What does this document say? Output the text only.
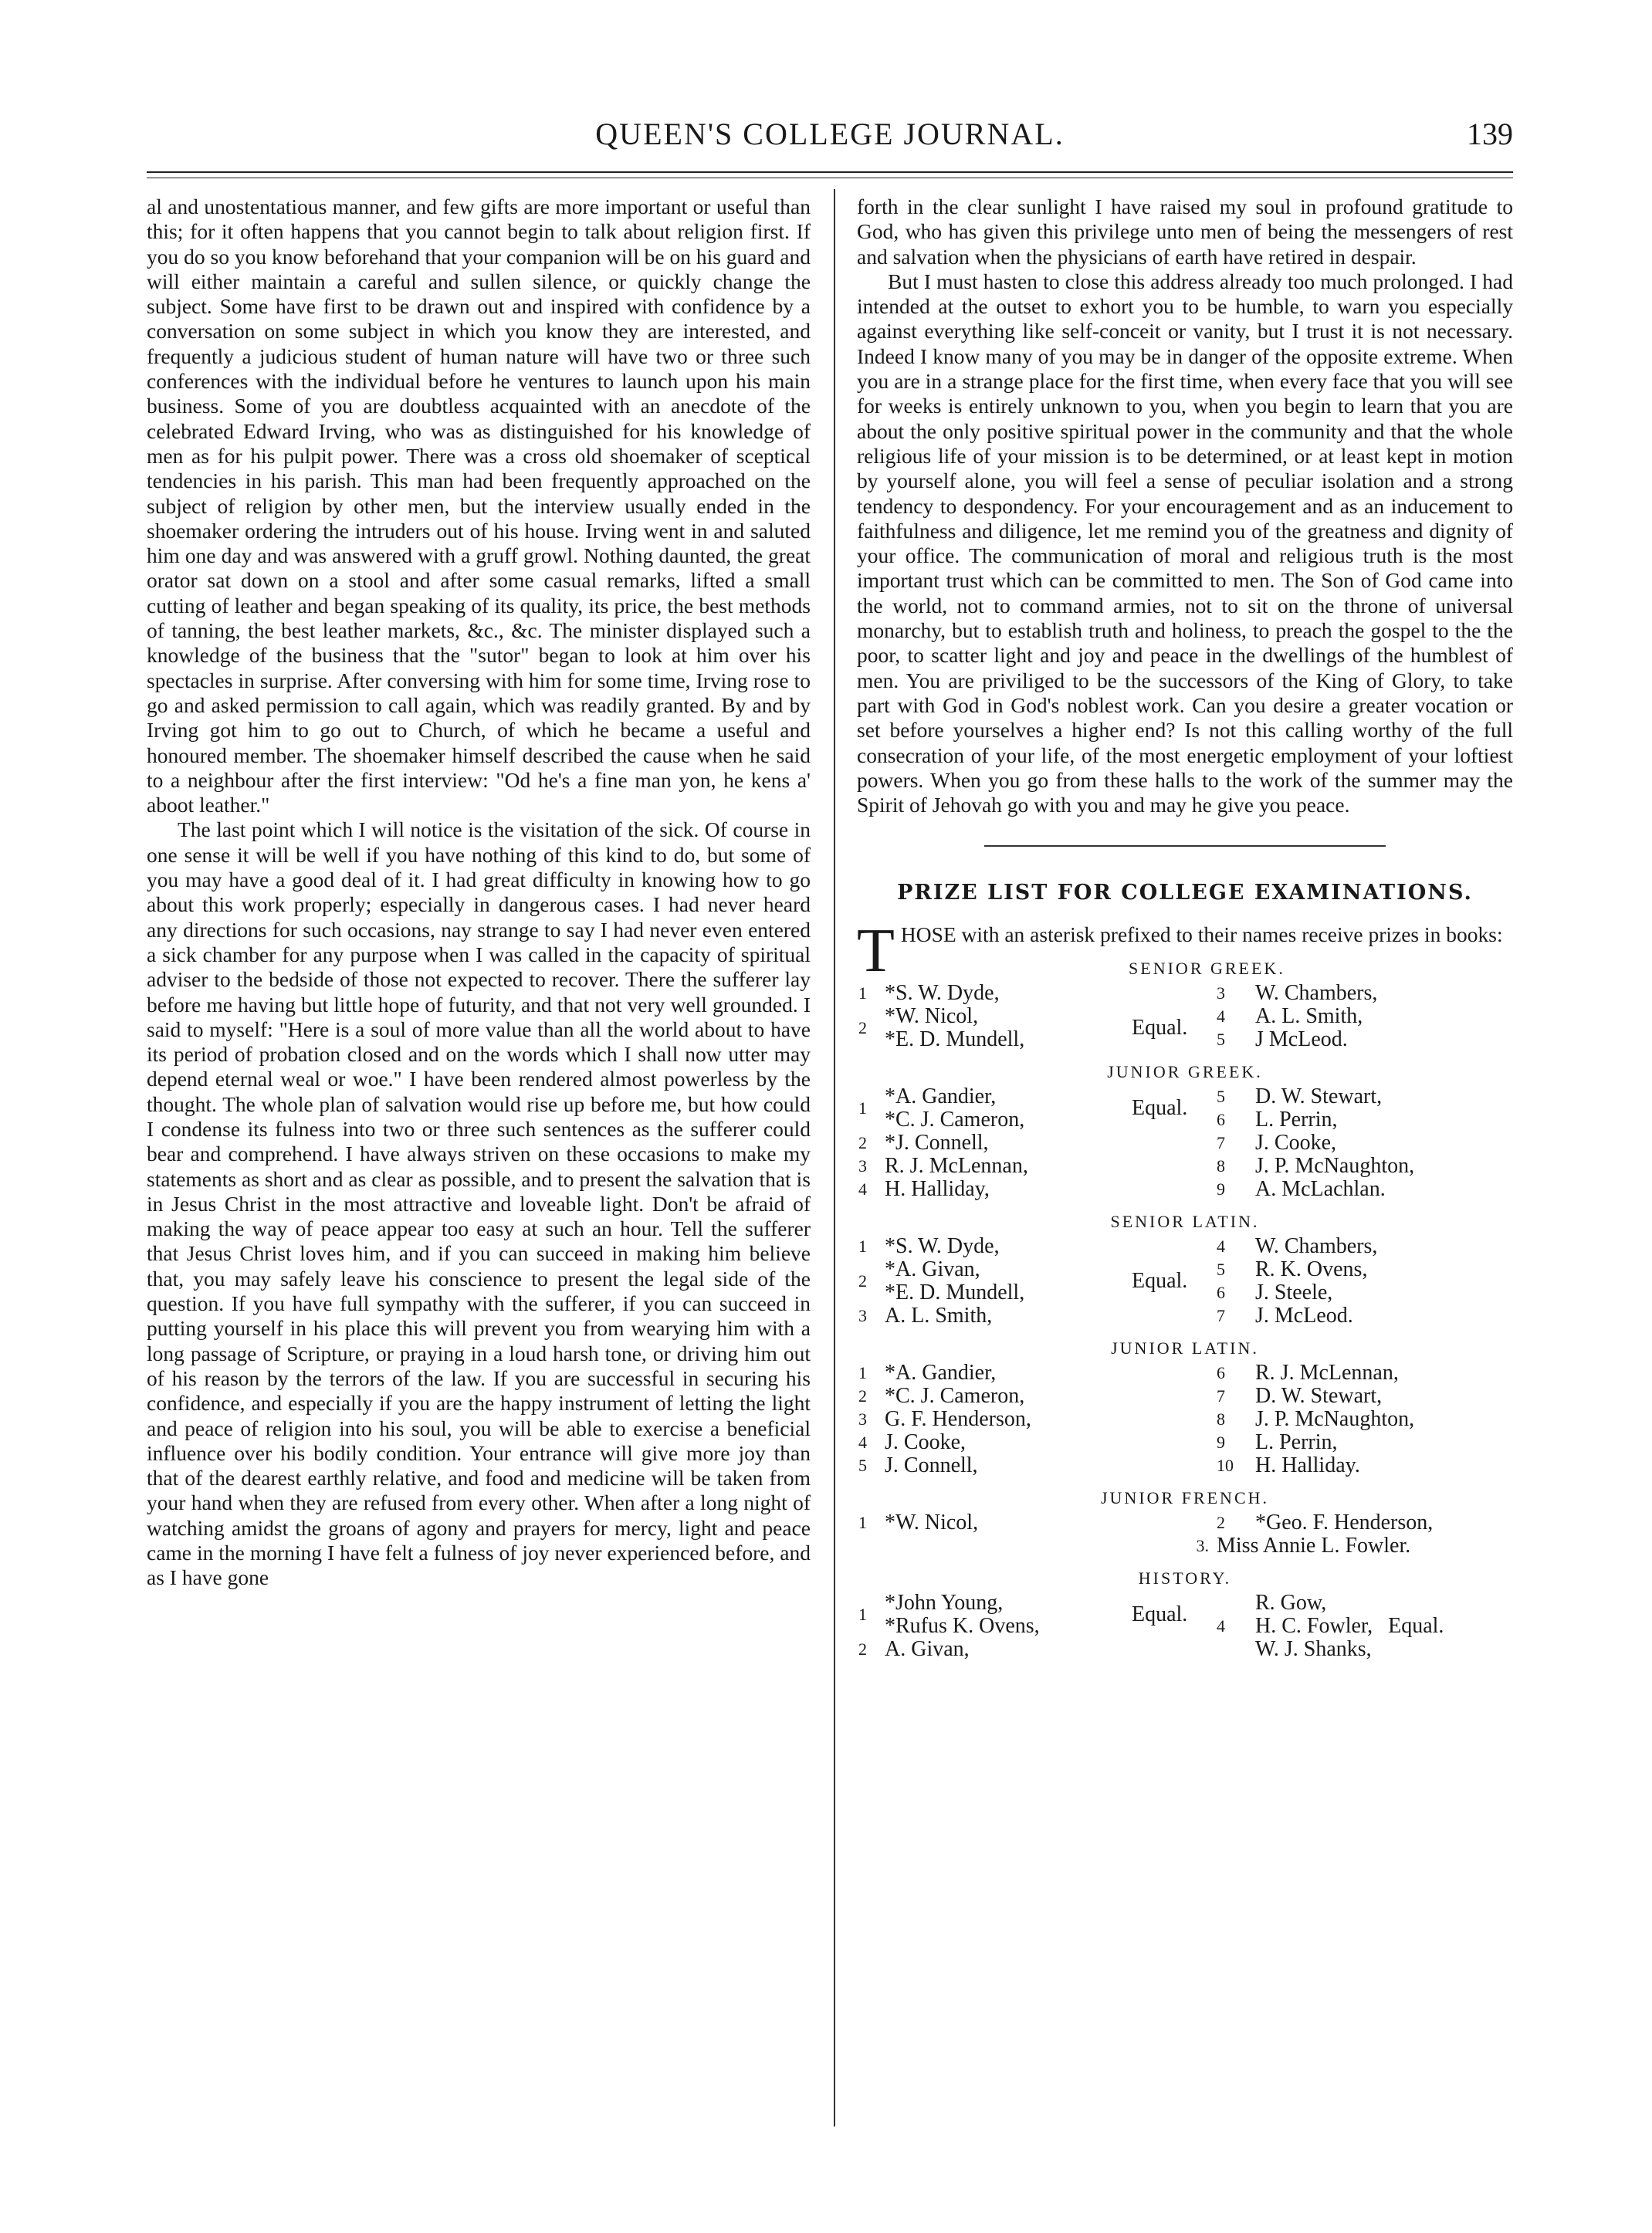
QUEEN'S COLLEGE JOURNAL.	139

al and unostentatious manner, and few gifts are more important or useful than this; for it often happens that you cannot begin to talk about religion first. If you do so you know beforehand that your companion will be on his guard and will either maintain a careful and sullen silence, or quickly change the subject. Some have first to be drawn out and inspired with confidence by a conversation on some subject in which you know they are interested, and frequently a judicious student of human nature will have two or three such conferences with the individual before he ventures to launch upon his main business. Some of you are doubtless acquainted with an anecdote of the celebrated Edward Irving, who was as distinguished for his knowledge of men as for his pulpit power. There was a cross old shoemaker of sceptical tendencies in his parish. This man had been frequently approached on the subject of religion by other men, but the interview usually ended in the shoemaker ordering the intruders out of his house. Irving went in and saluted him one day and was answered with a gruff growl. Nothing daunted, the great orator sat down on a stool and after some casual remarks, lifted a small cutting of leather and began speaking of its quality, its price, the best methods of tanning, the best leather markets, &c., &c. The minister displayed such a knowledge of the business that the "sutor" began to look at him over his spectacles in surprise. After conversing with him for some time, Irving rose to go and asked permission to call again, which was readily granted. By and by Irving got him to go out to Church, of which he became a useful and honoured member. The shoemaker himself described the cause when he said to a neighbour after the first interview: "Od he's a fine man yon, he kens a' aboot leather."

The last point which I will notice is the visitation of the sick. Of course in one sense it will be well if you have nothing of this kind to do, but some of you may have a good deal of it. I had great difficulty in knowing how to go about this work properly; especially in dangerous cases. I had never heard any directions for such occasions, nay strange to say I had never even entered a sick chamber for any purpose when I was called in the capacity of spiritual adviser to the bedside of those not expected to recover. There the sufferer lay before me having but little hope of futurity, and that not very well grounded. I said to myself: "Here is a soul of more value than all the world about to have its period of probation closed and on the words which I shall now utter may depend eternal weal or woe." I have been rendered almost powerless by the thought. The whole plan of salvation would rise up before me, but how could I condense its fulness into two or three such sentences as the sufferer could bear and comprehend. I have always striven on these occasions to make my statements as short and as clear as possible, and to present the salvation that is in Jesus Christ in the most attractive and loveable light. Don't be afraid of making the way of peace appear too easy at such an hour. Tell the sufferer that Jesus Christ loves him, and if you can succeed in making him believe that, you may safely leave his conscience to present the legal side of the question. If you have full sympathy with the sufferer, if you can succeed in putting yourself in his place this will prevent you from wearying him with a long passage of Scripture, or praying in a loud harsh tone, or driving him out of his reason by the terrors of the law. If you are successful in securing his confidence, and especially if you are the happy instrument of letting the light and peace of religion into his soul, you will be able to exercise a beneficial influence over his bodily condition. Your entrance will give more joy than that of the dearest earthly relative, and food and medicine will be taken from your hand when they are refused from every other. When after a long night of watching amidst the groans of agony and prayers for mercy, light and peace came in the morning I have felt a fulness of joy never experienced before, and as I have gone

forth in the clear sunlight I have raised my soul in profound gratitude to God, who has given this privilege unto men of being the messengers of rest and salvation when the physicians of earth have retired in despair.

But I must hasten to close this address already too much prolonged. I had intended at the outset to exhort you to be humble, to warn you especially against everything like self-conceit or vanity, but I trust it is not necessary. Indeed I know many of you may be in danger of the opposite extreme. When you are in a strange place for the first time, when every face that you will see for weeks is entirely unknown to you, when you begin to learn that you are about the only positive spiritual power in the community and that the whole religious life of your mission is to be determined, or at least kept in motion by yourself alone, you will feel a sense of peculiar isolation and a strong tendency to despondency. For your encouragement and as an inducement to faithfulness and diligence, let me remind you of the greatness and dignity of your office. The communication of moral and religious truth is the most important trust which can be committed to men. The Son of God came into the world, not to command armies, not to sit on the throne of universal monarchy, but to establish truth and holiness, to preach the gospel to the the poor, to scatter light and joy and peace in the dwellings of the humblest of men. You are priviliged to be the successors of the King of Glory, to take part with God in God's noblest work. Can you desire a greater vocation or set before yourselves a higher end? Is not this calling worthy of the full consecration of your life, of the most energetic employment of your loftiest powers. When you go from these halls to the work of the summer may the Spirit of Jehovah go with you and may he give you peace.

PRIZE LIST FOR COLLEGE EXAMINATIONS.
THOSE with an asterisk prefixed to their names receive prizes in books:
SENIOR GREEK.
1	*S. W. Dyde,		3	W. Chambers,
2	*W. Nicol,	Equal.	4	A. L. Smith,
	*E. D. Mundell,		5	J McLeod.
JUNIOR GREEK.
1	*A. Gandier,	Equal.	5	D. W. Stewart,
	*C. J. Cameron,		6	L. Perrin,
2	*J. Connell,		7	J. Cooke,
3	R. J. McLennan,		8	J. P. McNaughton,
4	H. Halliday,		9	A. McLachlan.
SENIOR LATIN.
1	*S. W. Dyde,		4	W. Chambers,
2	*A. Givan,	Equal.	5	R. K. Ovens,
	*E. D. Mundell,		6	J. Steele,
3	A. L. Smith,		7	J. McLeod.
JUNIOR LATIN.
1	*A. Gandier,		6	R. J. McLennan,
2	*C. J. Cameron,		7	D. W. Stewart,
3	G. F. Henderson,		8	J. P. McNaughton,
4	J. Cooke,		9	L. Perrin,
5	J. Connell,		10	H. Halliday.
JUNIOR FRENCH.
1	*W. Nicol,		2	*Geo. F. Henderson,
	3.		Miss Annie L. Fowler.	
HISTORY.
1	*John Young,	Equal.	4	R. Gow,	Equal.
	*Rufus K. Ovens,			H. C. Fowler,	
2	A. Givan,			W. J. Shanks,	
